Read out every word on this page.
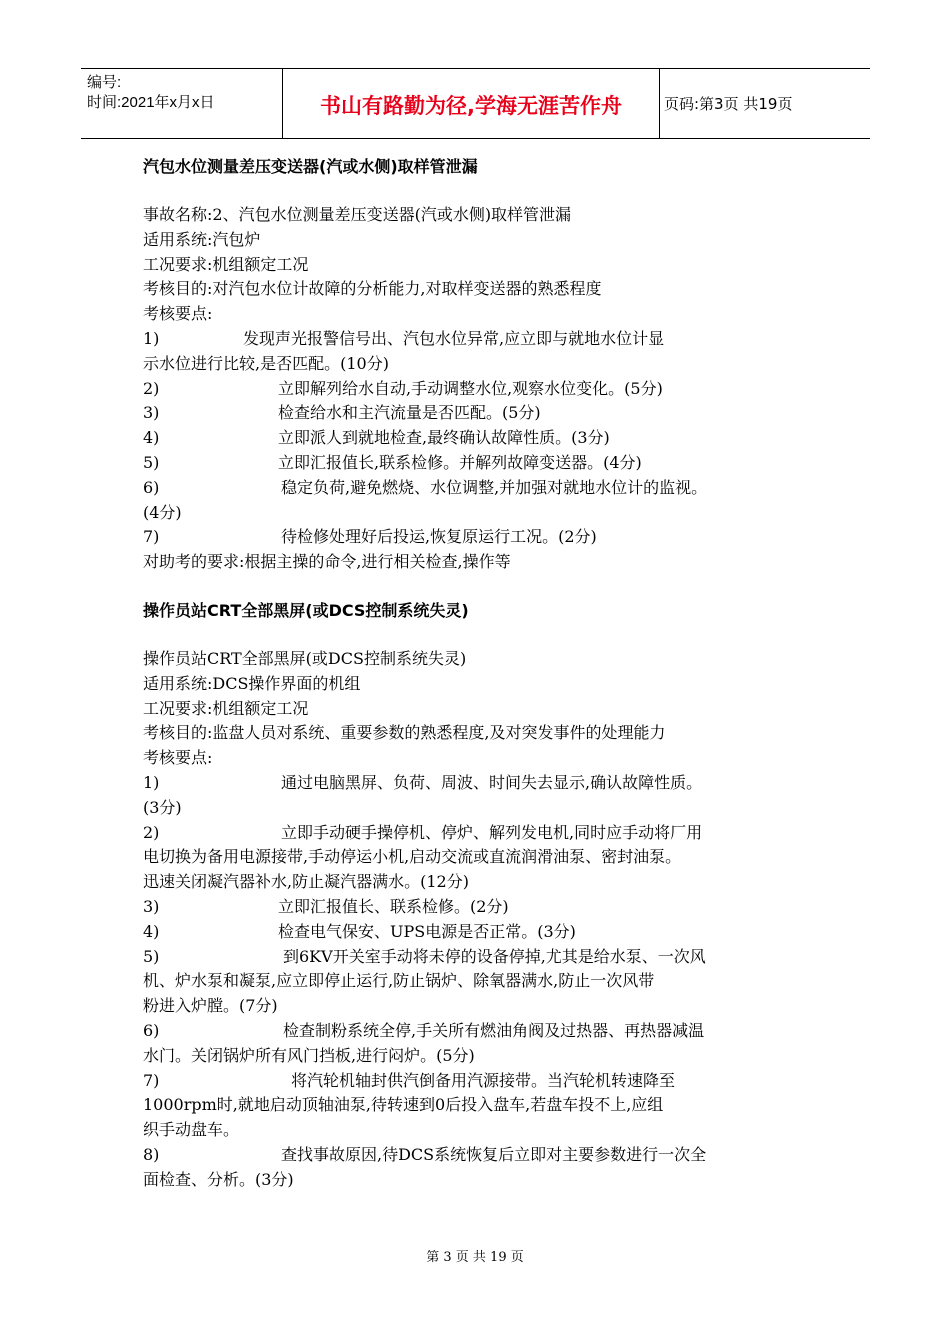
编号:
时间:2021年x月x日	书山有路勤为径,学海无涯苦作舟	页码:第3页 共19页
汽包水位测量差压变送器(汽或水侧)取样管泄漏
事故名称:2、汽包水位测量差压变送器(汽或水侧)取样管泄漏
适用系统:汽包炉
工况要求:机组额定工况
考核目的:对汽包水位计故障的分析能力,对取样变送器的熟悉程度
考核要点:
1)	发现声光报警信号出、汽包水位异常,应立即与就地水位计显
示水位进行比较,是否匹配。(10分)
2)	立即解列给水自动,手动调整水位,观察水位变化。(5分)
3)	检查给水和主汽流量是否匹配。(5分)
4)	立即派人到就地检查,最终确认故障性质。(3分)
5)	立即汇报值长,联系检修。并解列故障变送器。(4分)
6)	稳定负荷,避免燃烧、水位调整,并加强对就地水位计的监视。
(4分)
7)	待检修处理好后投运,恢复原运行工况。(2分)
对助考的要求:根据主操的命令,进行相关检查,操作等
操作员站CRT全部黑屏(或DCS控制系统失灵)
操作员站CRT全部黑屏(或DCS控制系统失灵)
适用系统:DCS操作界面的机组
工况要求:机组额定工况
考核目的:监盘人员对系统、重要参数的熟悉程度,及对突发事件的处理能力
考核要点:
1)	通过电脑黑屏、负荷、周波、时间失去显示,确认故障性质。
(3分)
2)	立即手动硬手操停机、停炉、解列发电机,同时应手动将厂用
电切换为备用电源接带,手动停运小机,启动交流或直流润滑油泵、密封油泵。
迅速关闭凝汽器补水,防止凝汽器满水。(12分)
3)	立即汇报值长、联系检修。(2分)
4)	检查电气保安、UPS电源是否正常。(3分)
5)	到6KV开关室手动将未停的设备停掉,尤其是给水泵、一次风
机、炉水泵和凝泵,应立即停止运行,防止锅炉、除氧器满水,防止一次风带
粉进入炉膛。(7分)
6)	检查制粉系统全停,手关所有燃油角阀及过热器、再热器减温
水门。关闭锅炉所有风门挡板,进行闷炉。(5分)
7)	将汽轮机轴封供汽倒备用汽源接带。当汽轮机转速降至
1000rpm时,就地启动顶轴油泵,待转速到0后投入盘车,若盘车投不上,应组
织手动盘车。
8)	查找事故原因,待DCS系统恢复后立即对主要参数进行一次全
面检查、分析。(3分)
第 3 页 共 19 页
